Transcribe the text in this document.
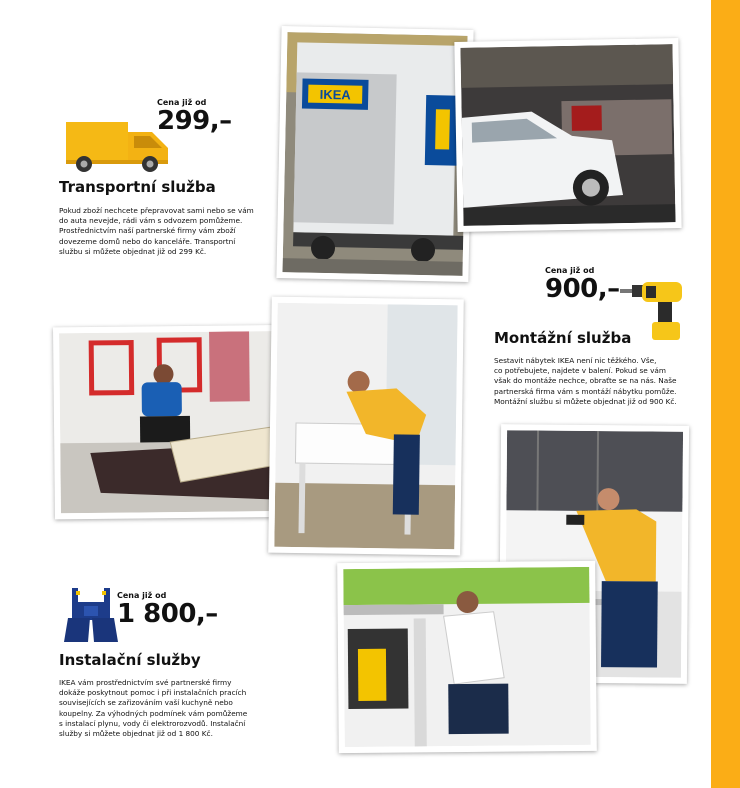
Cena již od
299,–
Transportní služba
Pokud zboží nechcete přepravovat sami nebo se vám
do auta nevejde, rádi vám s odvozem pomůžeme.
Prostřednictvím naší partnerské firmy vám zboží
dovezeme domů nebo do kanceláře. Transportní
službu si můžete objednat již od 299 Kč.
IKEA
Cena již od
900,–
Montážní služba
Sestavit nábytek IKEA není nic těžkého. Vše,
co potřebujete, najdete v balení. Pokud se vám
však do montáže nechce, obraťte se na nás. Naše
partnerská firma vám s montáží nábytku pomůže.
Montážní službu si můžete objednat již od 900 Kč.
Cena již od
1 800,–
Instalační služby
IKEA vám prostřednictvím své partnerské firmy
dokáže poskytnout pomoc i při instalačních pracích
souvisejících se zařizováním vaší kuchyně nebo
koupelny. Za výhodných podmínek vám pomůžeme
s instalací plynu, vody či elektrorozvodů. Instalační
služby si můžete objednat již od 1 800 Kč.
